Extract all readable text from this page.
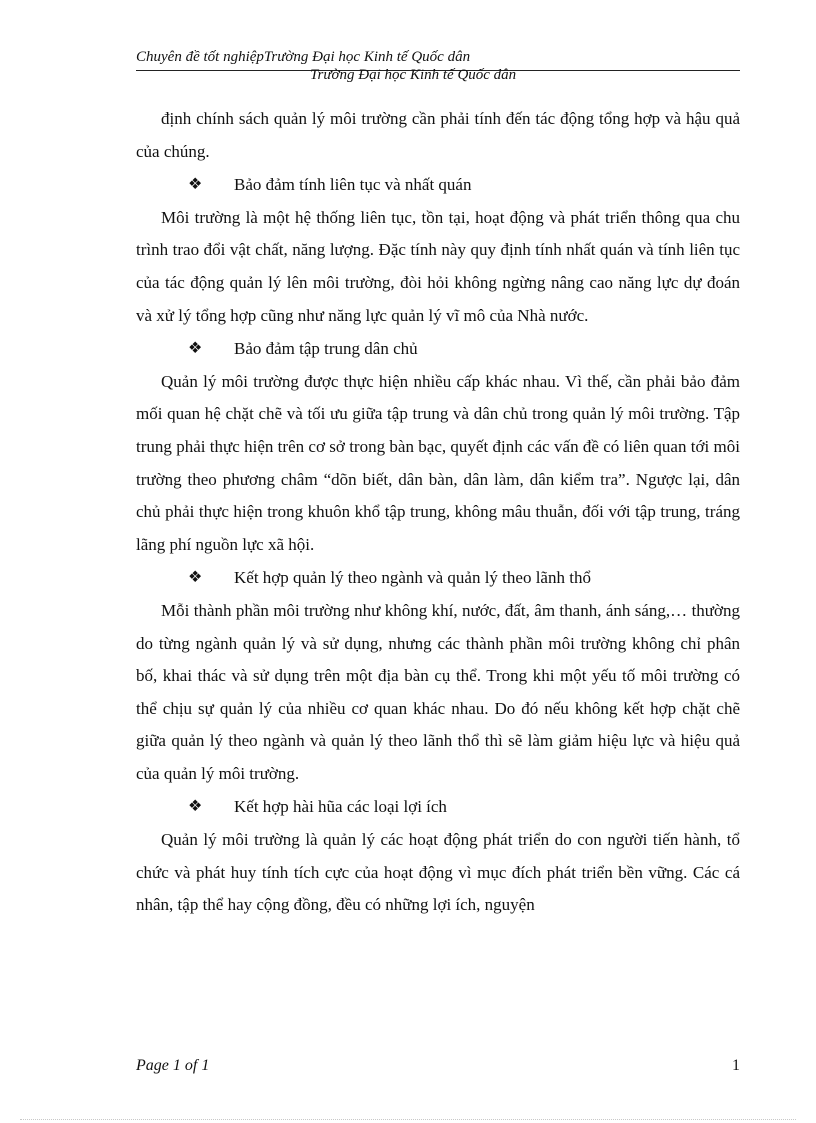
Chuyên đề tốt nghiệpTrường Đại học Kinh tế Quốc dân
Trường Đại học Kinh tế Quốc dân

định chính sách quản lý môi trường cần phải tính đến tác động tổng hợp và hậu quả của chúng.

❖ Bảo đảm tính liên tục và nhất quán

Môi trường là một hệ thống liên tục, tồn tại, hoạt động và phát triển thông qua chu trình trao đổi vật chất, năng lượng. Đặc tính này quy định tính nhất quán và tính liên tục của tác động quản lý lên môi trường, đòi hỏi không ngừng nâng cao năng lực dự đoán và xử lý tổng hợp cũng như năng lực quản lý vĩ mô của Nhà nước.

❖ Bảo đảm tập trung dân chủ

Quản lý môi trường được thực hiện nhiều cấp khác nhau. Vì thế, cần phải bảo đảm mối quan hệ chặt chẽ và tối ưu giữa tập trung và dân chủ trong quản lý môi trường. Tập trung phải thực hiện trên cơ sở trong bàn bạc, quyết định các vấn đề có liên quan tới môi trường theo phương châm “dõn biết, dân bàn, dân làm, dân kiểm tra”. Ngược lại, dân chủ phải thực hiện trong khuôn khổ tập trung, không mâu thuẫn, đối với tập trung, tráng lãng phí nguồn lực xã hội.

❖ Kết hợp quản lý theo ngành và quản lý theo lãnh thổ

Mỗi thành phần môi trường như không khí, nước, đất, âm thanh, ánh sáng,… thường do từng ngành quản lý và sử dụng, nhưng các thành phần môi trường không chỉ phân bố, khai thác và sử dụng trên một địa bàn cụ thể. Trong khi một yếu tố môi trường có thể chịu sự quản lý của nhiều cơ quan khác nhau. Do đó nếu không kết hợp chặt chẽ giữa quản lý theo ngành và quản lý theo lãnh thổ thì sẽ làm giảm hiệu lực và hiệu quả của quản lý môi trường.

❖ Kết hợp hài hũa các loại lợi ích

Quản lý môi trường là quản lý các hoạt động phát triển do con người tiến hành, tổ chức và phát huy tính tích cực của hoạt động vì mục đích phát triển bền vững. Các cá nhân, tập thể hay cộng đồng, đều có những lợi ích, nguyện

Page 1 of 1	1
